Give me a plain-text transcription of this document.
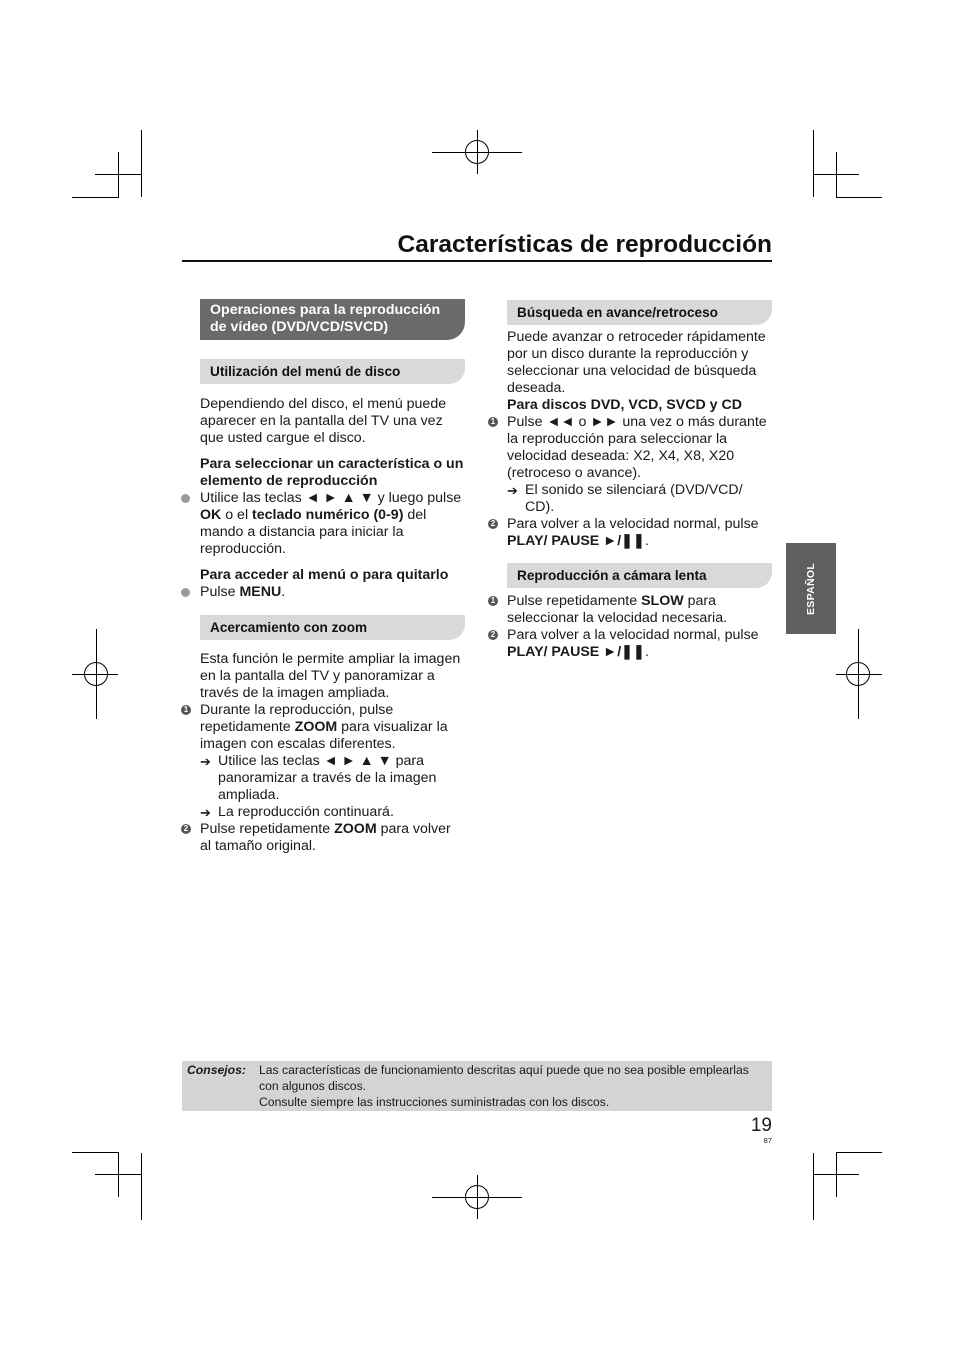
Características de reproducción
Operaciones para la reproducción de vídeo (DVD/VCD/SVCD)
Utilización del menú de disco

Dependiendo del disco, el menú puede aparecer en la pantalla del TV una vez que usted cargue el disco.

Para seleccionar un característica o un elemento de reproducción

Utilice las teclas ◄ ► ▲ ▼ y luego pulse OK o el teclado numérico (0-9) del mando a distancia para iniciar la reproducción.

Para acceder al menú o para quitarlo

Pulse MENU.
Acercamiento con zoom

Esta función le permite ampliar la imagen en la pantalla del TV y panoramizar a través de la imagen ampliada.

1 Durante la reproducción, pulse repetidamente ZOOM para visualizar la imagen con escalas diferentes.
➔ Utilice las teclas ◄ ► ▲ ▼ para panoramizar a través de la imagen ampliada.
➔ La reproducción continuará.
2 Pulse repetidamente ZOOM para volver al tamaño original.
Búsqueda en avance/retroceso

Puede avanzar o retroceder rápidamente por un disco durante la reproducción y seleccionar una velocidad de búsqueda deseada.

Para discos DVD, VCD, SVCD y CD

1 Pulse ◄◄ o ►► una vez o más durante la reproducción para seleccionar la velocidad deseada: X2, X4, X8, X20 (retroceso o avance).
➔ El sonido se silenciará (DVD/VCD/ CD).
2 Para volver a la velocidad normal, pulse PLAY/ PAUSE ►/❚❚.
Reproducción a cámara lenta
1 Pulse repetidamente SLOW para seleccionar la velocidad necesaria.
2 Para volver a la velocidad normal, pulse PLAY/ PAUSE ►/❚❚.
ESPAÑOL
Consejos: Las características de funcionamiento descritas aquí puede que no sea posible emplearlas con algunos discos.
Consulte siempre las instrucciones suministradas con los discos.
19
87
